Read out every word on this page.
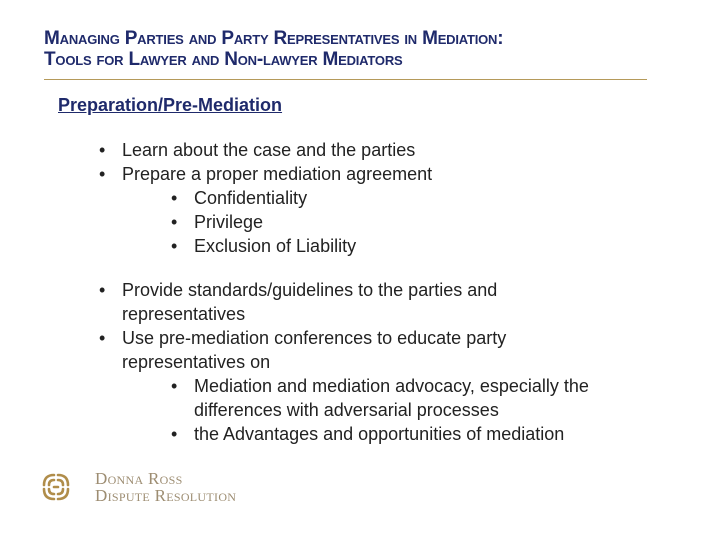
Managing Parties and Party Representatives in Mediation:
Tools for Lawyer and Non-lawyer Mediators
Preparation/Pre-Mediation
• Learn about the case and the parties
• Prepare a proper mediation agreement
• Confidentiality
• Privilege
• Exclusion of Liability
• Provide standards/guidelines to the parties and
representatives
• Use pre-mediation conferences to educate party
representatives on
• Mediation and mediation advocacy, especially the
differences with adversarial processes
• the Advantages and opportunities of mediation
Donna Ross
Dispute Resolution
